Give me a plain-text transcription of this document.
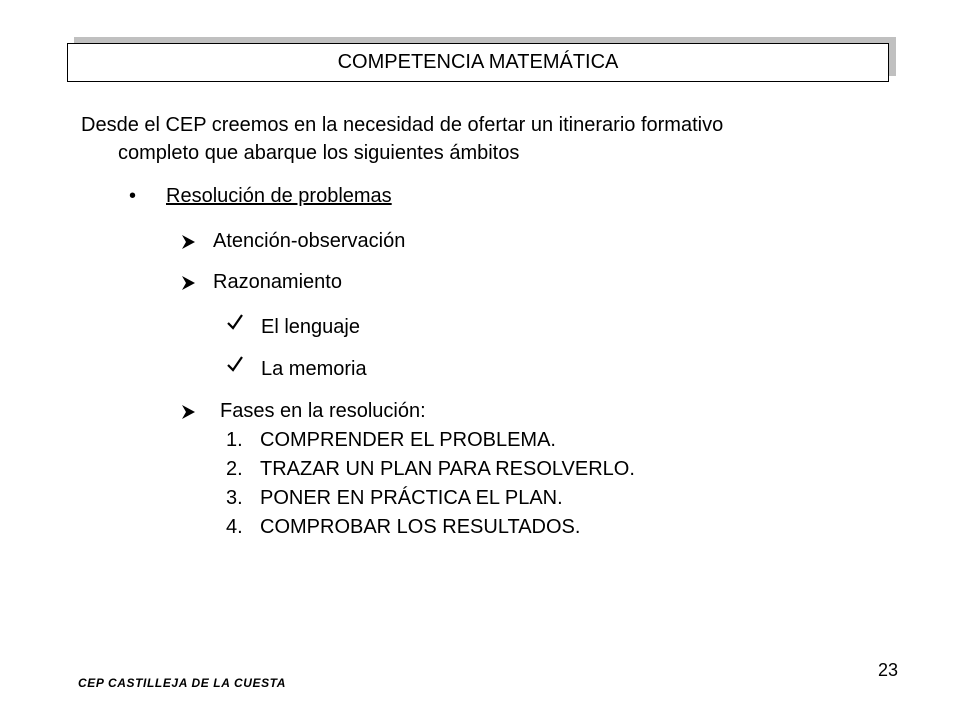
COMPETENCIA MATEMÁTICA
Desde el CEP creemos en la necesidad de ofertar un itinerario formativo
completo que abarque los siguientes ámbitos
• Resolución de problemas
Atención-observación
Razonamiento
El lenguaje
La memoria
Fases en la resolución:
1. COMPRENDER EL PROBLEMA.
2. TRAZAR UN PLAN PARA RESOLVERLO.
3. PONER EN PRÁCTICA EL PLAN.
4. COMPROBAR LOS RESULTADOS.
23
CEP CASTILLEJA DE LA CUESTA
